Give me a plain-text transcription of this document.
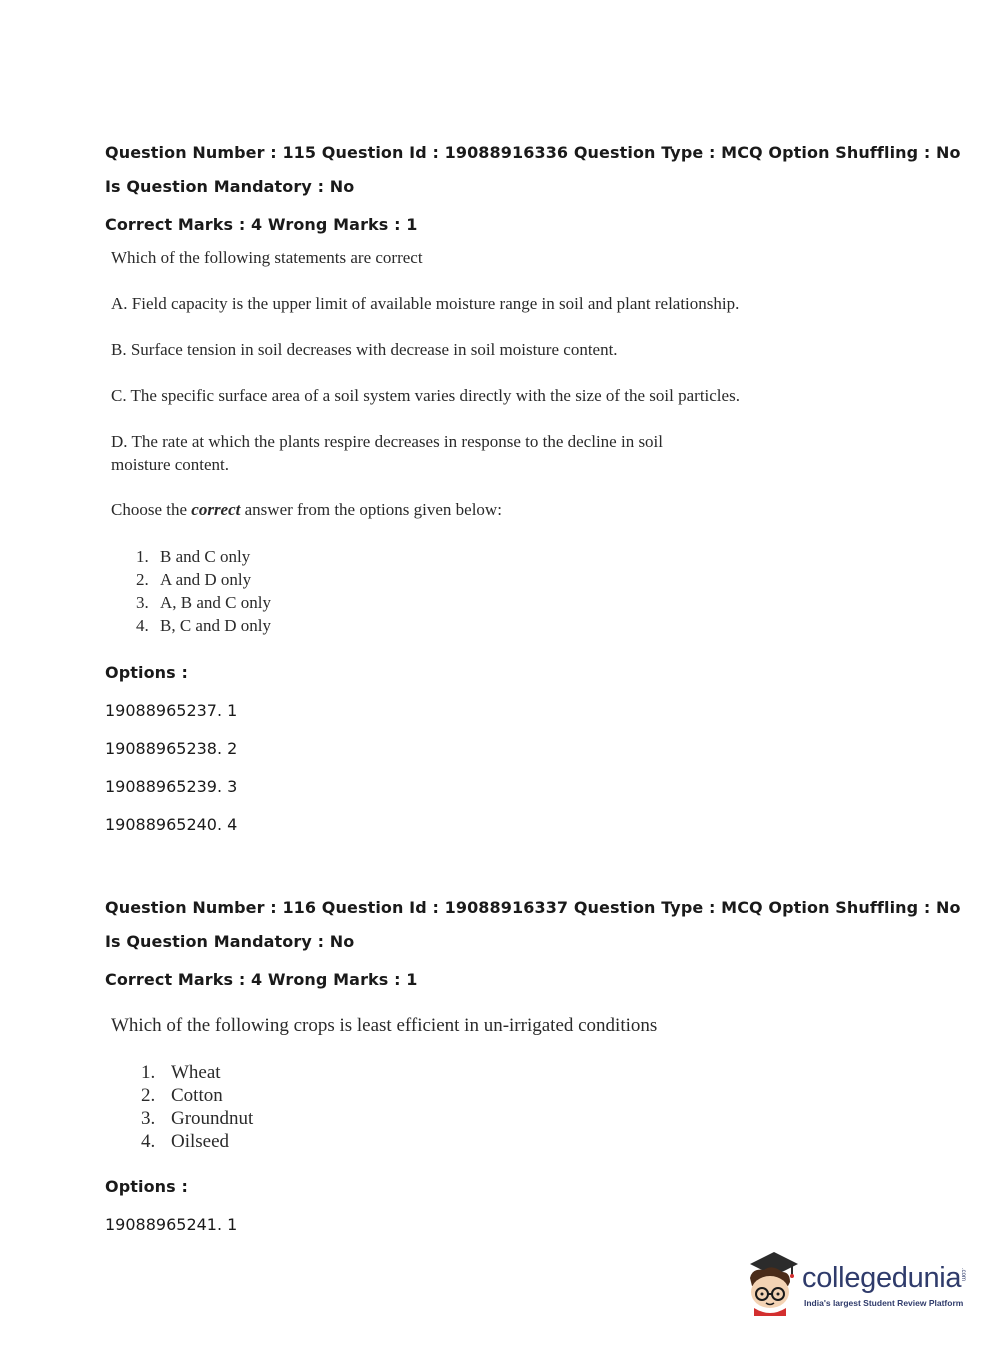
Question Number : 115 Question Id : 19088916336 Question Type : MCQ Option Shuffling : No
Is Question Mandatory : No
Correct Marks : 4 Wrong Marks : 1
Which of the following statements are correct
A. Field capacity is the upper limit of available moisture range in soil and plant relationship.
B. Surface tension in soil decreases with decrease in soil moisture content.
C. The specific surface area of a soil system varies directly with the size of the soil particles.
D. The rate at which the plants respire decreases in response to the decline in soil moisture content.
Choose the correct answer from the options given below:
1. B and C only
2. A and D only
3. A, B and C only
4. B, C and D only
Options :
19088965237. 1
19088965238. 2
19088965239. 3
19088965240. 4
Question Number : 116 Question Id : 19088916337 Question Type : MCQ Option Shuffling : No
Is Question Mandatory : No
Correct Marks : 4 Wrong Marks : 1
Which of the following crops is least efficient in un-irrigated conditions
1. Wheat
2. Cotton
3. Groundnut
4. Oilseed
Options :
19088965241. 1
collegedunia
.com
India's largest Student Review Platform
